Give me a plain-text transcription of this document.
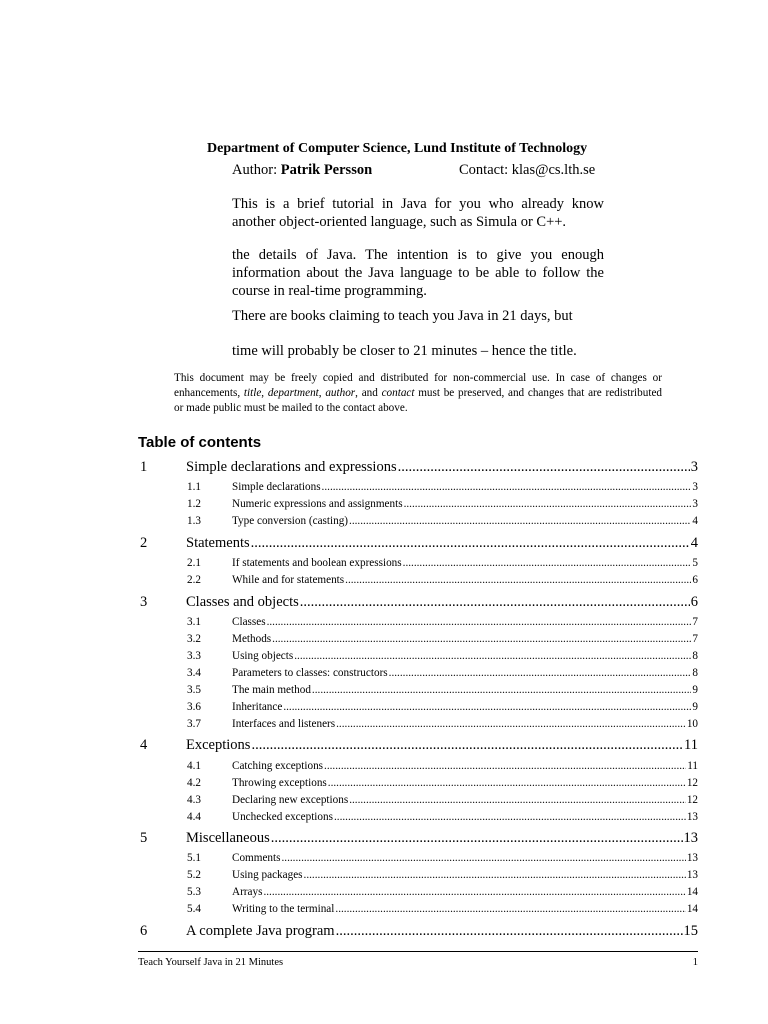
Department of Computer Science, Lund Institute of Technology
Author: Patrik Persson	Contact: klas@cs.lth.se
This is a brief tutorial in Java for you who already know another object-oriented language, such as Simula or C++.
the details of Java. The intention is to give you enough information about the Java language to be able to follow the course in real-time programming.
There are books claiming to teach you Java in 21 days, but
time will probably be closer to 21 minutes – hence the title.
This document may be freely copied and distributed for non-commercial use. In case of changes or enhancements, title, department, author, and contact must be preserved, and changes that are redistributed or made public must be mailed to the contact above.
Table of contents
1	Simple declarations and expressions .....	3
1.1	Simple declarations .....	3
1.2	Numeric expressions and assignments .....	3
1.3	Type conversion (casting) .....	4
2	Statements .....	4
2.1	If statements and boolean expressions .....	5
2.2	While and for statements .....	6
3	Classes and objects .....	6
3.1	Classes .....	7
3.2	Methods .....	7
3.3	Using objects .....	8
3.4	Parameters to classes: constructors .....	8
3.5	The main method .....	9
3.6	Inheritance .....	9
3.7	Interfaces and listeners .....	10
4	Exceptions .....	11
4.1	Catching exceptions .....	11
4.2	Throwing exceptions .....	12
4.3	Declaring new exceptions .....	12
4.4	Unchecked exceptions .....	13
5	Miscellaneous .....	13
5.1	Comments .....	13
5.2	Using packages .....	13
5.3	Arrays .....	14
5.4	Writing to the terminal .....	14
6	A complete Java program .....	15
Teach Yourself Java in 21 Minutes	1
